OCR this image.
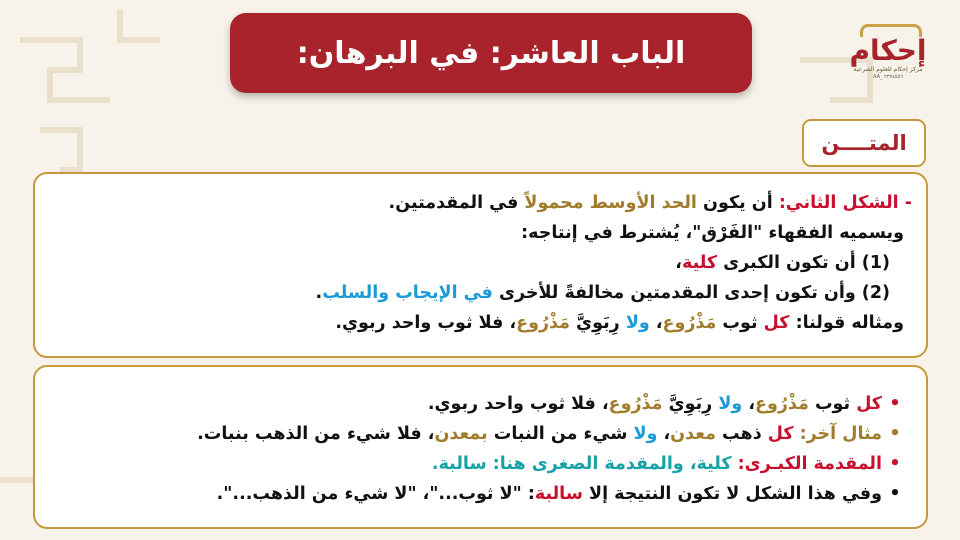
الباب العاشر: في البرهان:	إحكام
مركز إحكام للعلوم الشرعية
AA_ ۲۳۷٤٥٥٦
المتــــن
- الشكل الثاني: أن يكون الحد الأوسط محمولاً في المقدمتين.
ويسميه الفقهاء "الفَرْق"، يُشترط في إنتاجه:
(1) أن تكون الكبرى كلية،
(2) وأن تكون إحدى المقدمتين مخالفةً للأخرى في الإيجاب والسلب.
ومثاله قولنا: كل ثوب مَذْرُوع، ولا رِبَوِيَّ مَذْرُوع، فلا ثوب واحد ربوي.
•كل ثوب مَذْرُوع، ولا رِبَوِيَّ مَذْرُوع، فلا ثوب واحد ربوي.
•مثال آخر: كل ذهب معدن، ولا شيء من النبات بمعدن، فلا شيء من الذهب بنبات.
•المقدمة الكبـرى: كلية، والمقدمة الصغرى هنا: سالبة.
•وفي هذا الشكل لا تكون النتيجة إلا سالبة: "لا ثوب..."، "لا شيء من الذهب...".
